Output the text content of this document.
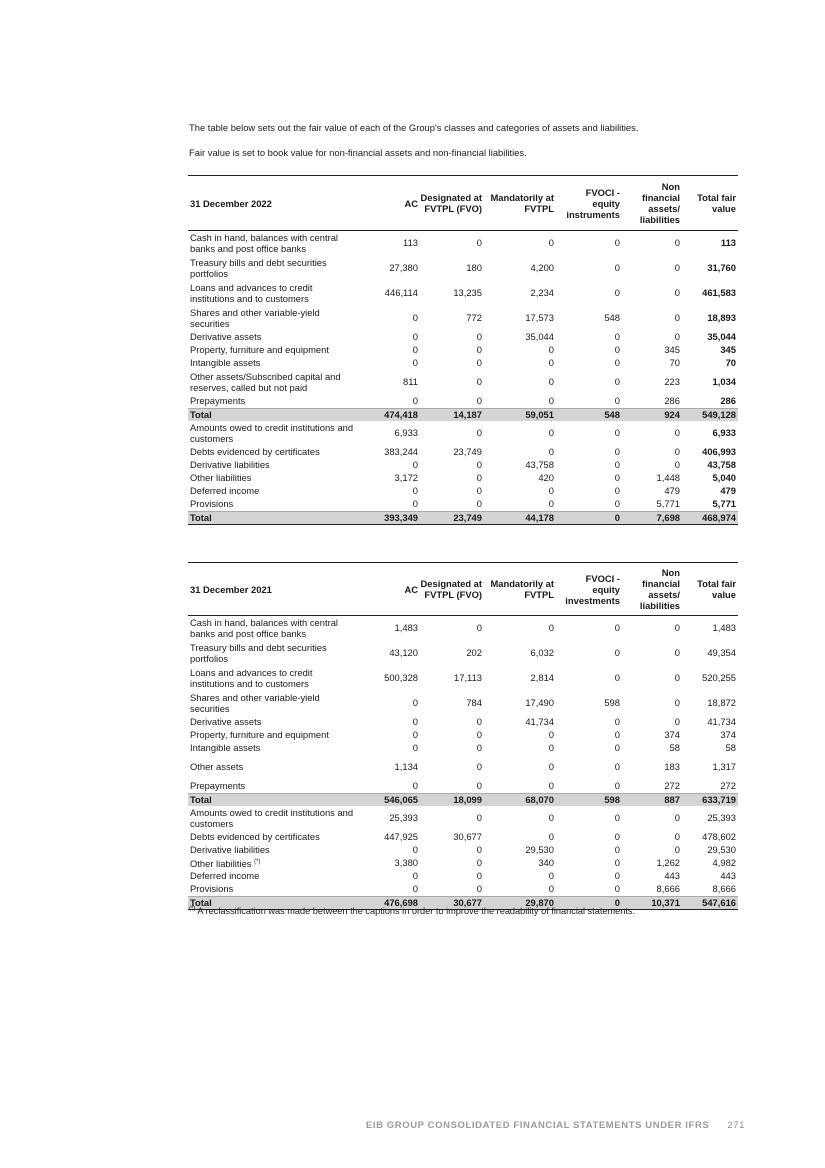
The table below sets out the fair value of each of the Group's classes and categories of assets and liabilities.
Fair value is set to book value for non-financial assets and non-financial liabilities.
31 December 2022	AC	Designated at FVTPL (FVO)	Mandatorily at FVTPL	FVOCI - equity instruments	Non financial assets/ liabilities	Total fair value
Cash in hand, balances with central banks and post office banks	113	0	0	0	0	113
Treasury bills and debt securities portfolios	27,380	180	4,200	0	0	31,760
Loans and advances to credit institutions and to customers	446,114	13,235	2,234	0	0	461,583
Shares and other variable-yield securities	0	772	17,573	548	0	18,893
Derivative assets	0	0	35,044	0	0	35,044
Property, furniture and equipment	0	0	0	0	345	345
Intangible assets	0	0	0	0	70	70
Other assets/Subscribed capital and reserves, called but not paid	811	0	0	0	223	1,034
Prepayments	0	0	0	0	286	286
Total	474,418	14,187	59,051	548	924	549,128
Amounts owed to credit institutions and customers	6,933	0	0	0	0	6,933
Debts evidenced by certificates	383,244	23,749	0	0	0	406,993
Derivative liabilities	0	0	43,758	0	0	43,758
Other liabilities	3,172	0	420	0	1,448	5,040
Deferred income	0	0	0	0	479	479
Provisions	0	0	0	0	5,771	5,771
Total	393,349	23,749	44,178	0	7,698	468,974
31 December 2021	AC	Designated at FVTPL (FVO)	Mandatorily at FVTPL	FVOCI - equity investments	Non financial assets/ liabilities	Total fair value
Cash in hand, balances with central banks and post office banks	1,483	0	0	0	0	1,483
Treasury bills and debt securities portfolios	43,120	202	6,032	0	0	49,354
Loans and advances to credit institutions and to customers	500,328	17,113	2,814	0	0	520,255
Shares and other variable-yield securities	0	784	17,490	598	0	18,872
Derivative assets	0	0	41,734	0	0	41,734
Property, furniture and equipment	0	0	0	0	374	374
Intangible assets	0	0	0	0	58	58
Other assets	1,134	0	0	0	183	1,317
Prepayments	0	0	0	0	272	272
Total	546,065	18,099	68,070	598	887	633,719
Amounts owed to credit institutions and customers	25,393	0	0	0	0	25,393
Debts evidenced by certificates	447,925	30,677	0	0	0	478,602
Derivative liabilities	0	0	29,530	0	0	29,530
Other liabilities (*)	3,380	0	340	0	1,262	4,982
Deferred income	0	0	0	0	443	443
Provisions	0	0	0	0	8,666	8,666
Total	476,698	30,677	29,870	0	10,371	547,616
(*) A reclassification was made between the captions in order to improve the readability of financial statements.
EIB GROUP CONSOLIDATED FINANCIAL STATEMENTS UNDER IFRS 271
